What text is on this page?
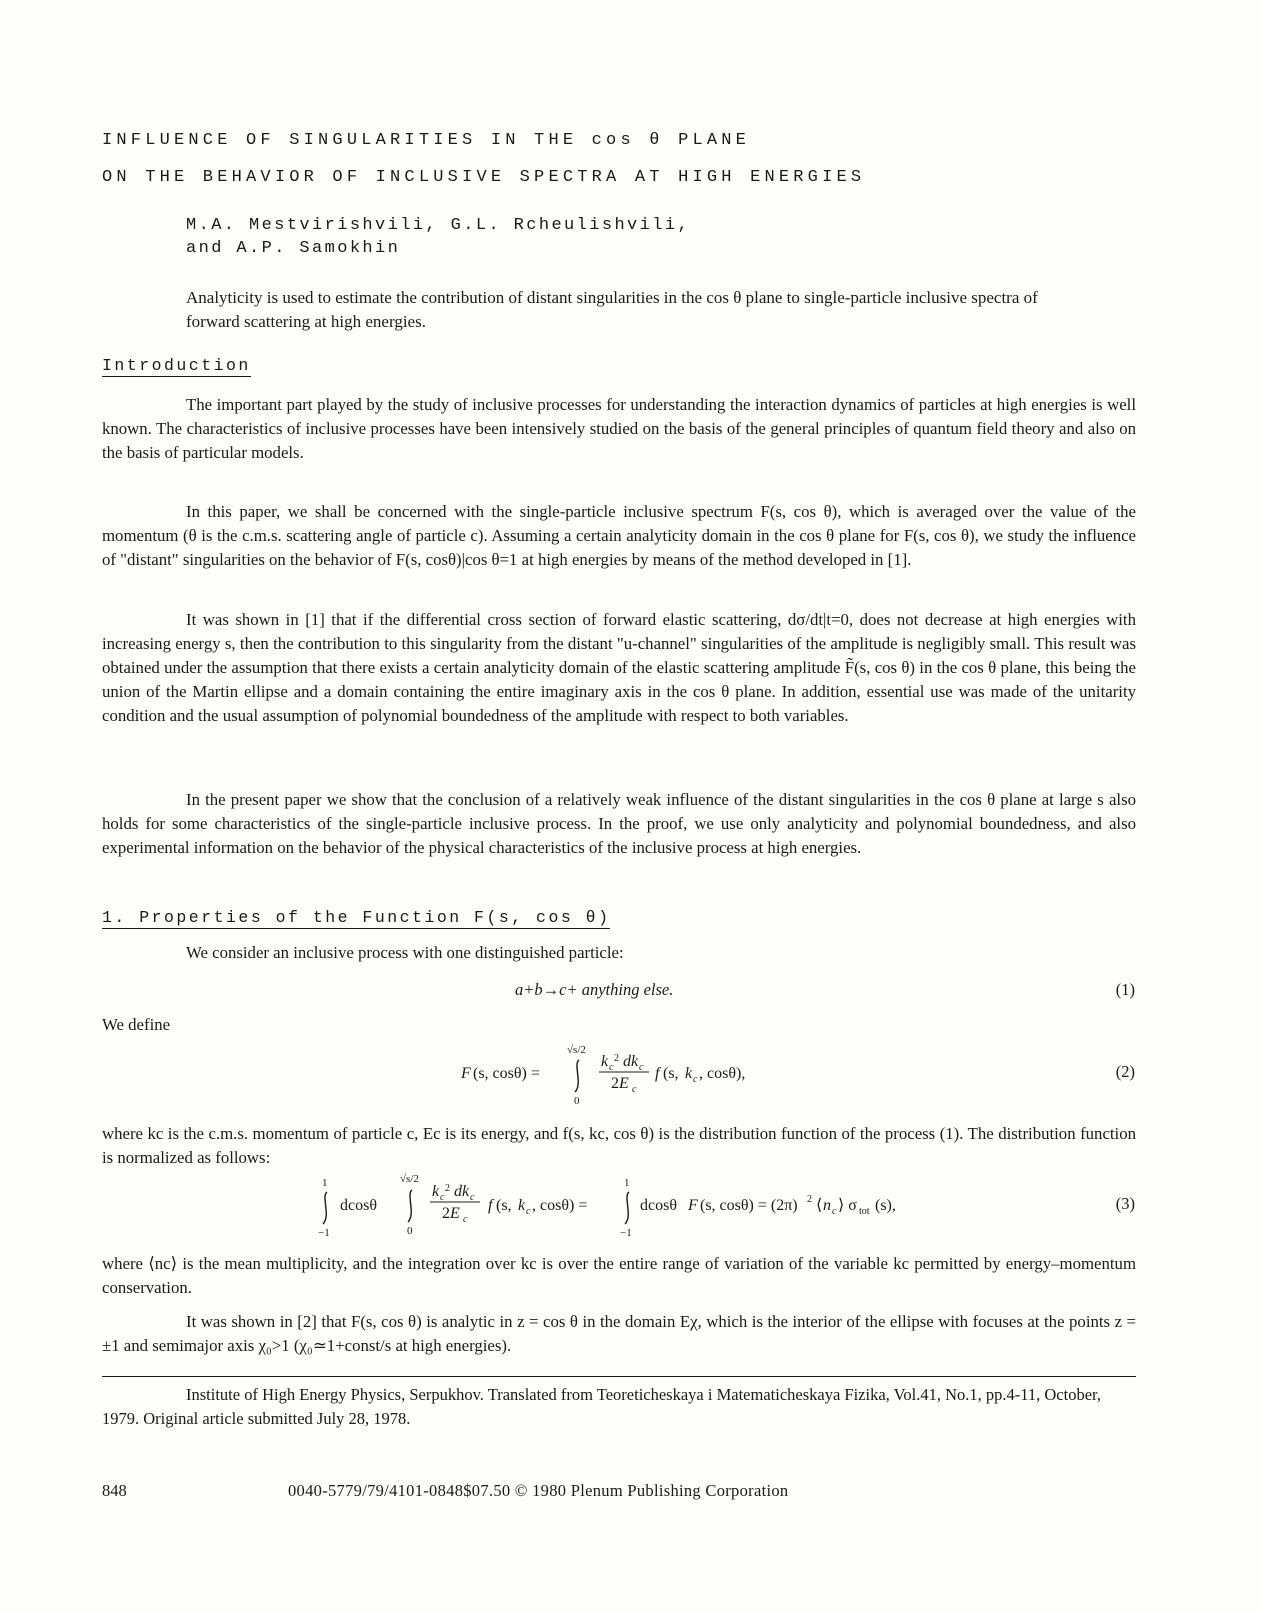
INFLUENCE OF SINGULARITIES IN THE cos θ PLANE
ON THE BEHAVIOR OF INCLUSIVE SPECTRA AT HIGH ENERGIES
M.A. Mestvirishvili, G.L. Rcheulishvili,
and A.P. Samokhin
Analyticity is used to estimate the contribution of distant singularities in the cos θ plane to single-particle inclusive spectra of forward scattering at high energies.
Introduction
The important part played by the study of inclusive processes for understanding the interaction dynamics of particles at high energies is well known. The characteristics of inclusive processes have been intensively studied on the basis of the general principles of quantum field theory and also on the basis of particular models.
In this paper, we shall be concerned with the single-particle inclusive spectrum F(s, cos θ), which is averaged over the value of the momentum (θ is the c.m.s. scattering angle of particle c). Assuming a certain analyticity domain in the cos θ plane for F(s, cos θ), we study the influence of "distant" singularities on the behavior of F(s, cosθ)|cos θ=1 at high energies by means of the method developed in [1].
It was shown in [1] that if the differential cross section of forward elastic scattering, dσ/dt|t=0, does not decrease at high energies with increasing energy s, then the contribution to this singularity from the distant "u-channel" singularities of the amplitude is negligibly small. This result was obtained under the assumption that there exists a certain analyticity domain of the elastic scattering amplitude F̃(s, cos θ) in the cos θ plane, this being the union of the Martin ellipse and a domain containing the entire imaginary axis in the cos θ plane. In addition, essential use was made of the unitarity condition and the usual assumption of polynomial boundedness of the amplitude with respect to both variables.
In the present paper we show that the conclusion of a relatively weak influence of the distant singularities in the cos θ plane at large s also holds for some characteristics of the single-particle inclusive process. In the proof, we use only analyticity and polynomial boundedness, and also experimental information on the behavior of the physical characteristics of the inclusive process at high energies.
1. Properties of the Function F(s, cos θ)
We consider an inclusive process with one distinguished particle:
a+b→c+ anything else.	(1)
We define
F (s, cosθ) =
√s/2
0
k c
2 dk c
2E c
f (s, k c , cosθ),	(2)
where kc is the c.m.s. momentum of particle c, Ec is its energy, and f(s, kc, cos θ) is the distribution function of the process (1). The distribution function is normalized as follows:
1
−1
dcosθ
√s/2
0
k c
2 dk c
2E c
f (s, k c , cosθ) =
1
−1
dcosθ F (s, cosθ) = (2π) 2 ⟨ n c ⟩ σ tot (s),	(3)
where ⟨nc⟩ is the mean multiplicity, and the integration over kc is over the entire range of variation of the variable kc permitted by energy–momentum conservation.
It was shown in [2] that F(s, cos θ) is analytic in z = cos θ in the domain Eχ, which is the interior of the ellipse with focuses at the points z = ±1 and semimajor axis χ₀>1 (χ₀≃1+const/s at high energies).
Institute of High Energy Physics, Serpukhov. Translated from Teoreticheskaya i Matematicheskaya Fizika, Vol.41, No.1, pp.4-11, October, 1979. Original article submitted July 28, 1978.
848	0040-5779/79/4101-0848$07.50 © 1980 Plenum Publishing Corporation
